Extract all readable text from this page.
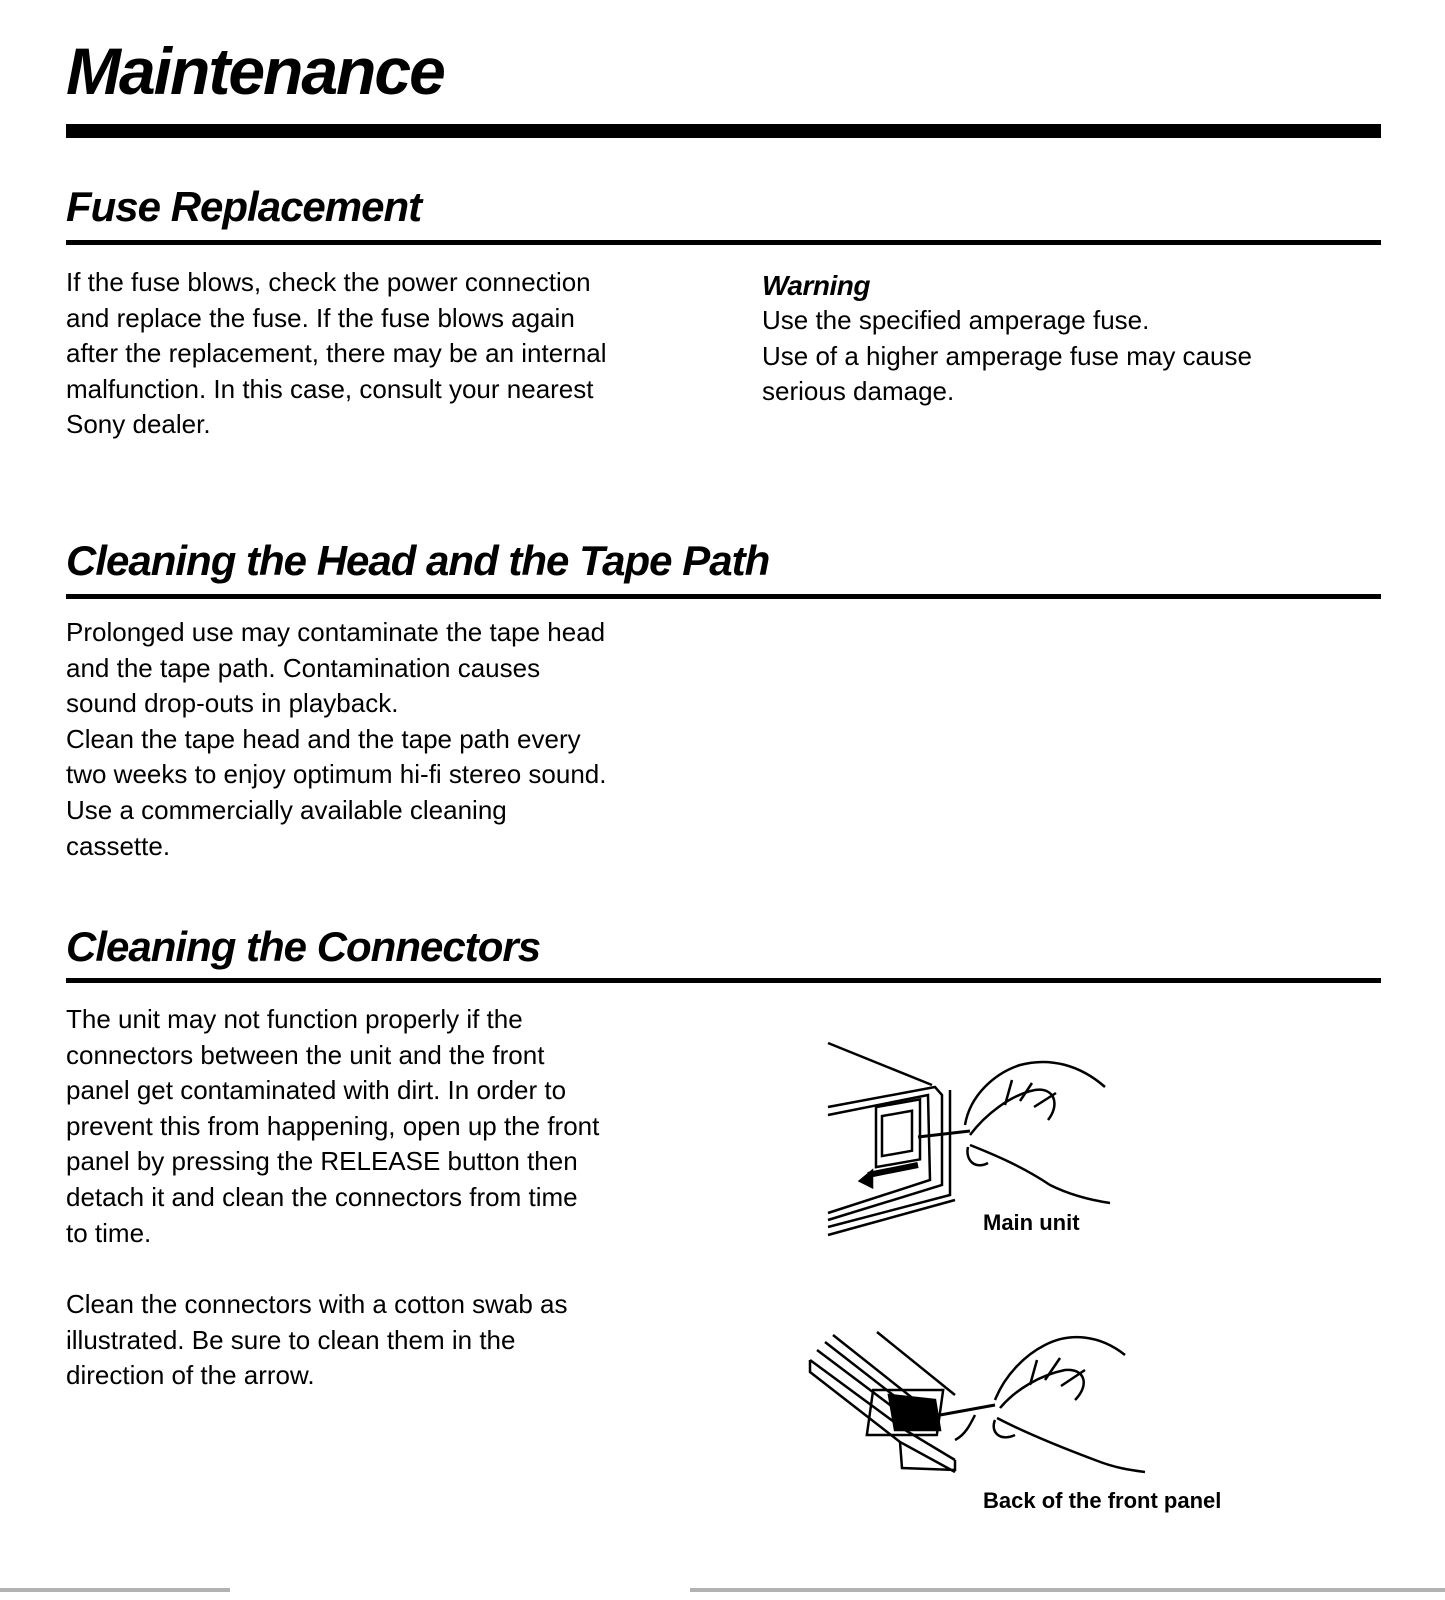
Maintenance
Fuse Replacement

If the fuse blows, check the power connection
and replace the fuse. If the fuse blows again
after the replacement, there may be an internal
malfunction. In this case, consult your nearest
Sony dealer.

Warning

Use the specified amperage fuse.
Use of a higher amperage fuse may cause
serious damage.

Cleaning the Head and the Tape Path

Prolonged use may contaminate the tape head
and the tape path. Contamination causes
sound drop-outs in playback.
Clean the tape head and the tape path every
two weeks to enjoy optimum hi-fi stereo sound.
Use a commercially available cleaning
cassette.

Cleaning the Connectors

The unit may not function properly if the
connectors between the unit and the front
panel get contaminated with dirt. In order to
prevent this from happening, open up the front
panel by pressing the RELEASE button then
detach it and clean the connectors from time
to time.

Clean the connectors with a cotton swab as
illustrated. Be sure to clean them in the
direction of the arrow.

Main unit

Back of the front panel
